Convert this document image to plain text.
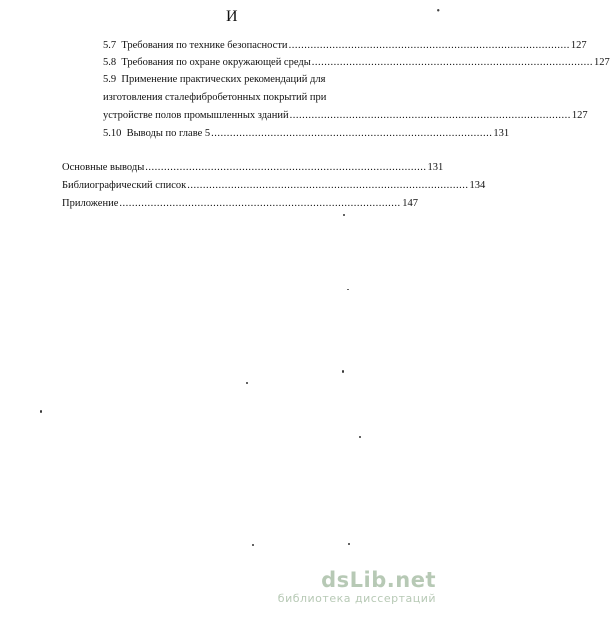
И	•
5.7
Требования по технике безопасности .......................................................................................... 127
5.8
Требования по охране окружающей среды .......................................................................................... 127
5.9 Применение практических рекомендаций для
изготовления сталефибробетонных покрытий при
устройстве полов промышленных зданий .......................................................................................... 127
5.10
Выводы по главе 5 .......................................................................................... 131
Основные выводы .......................................................................................... 131
Библиографический список .......................................................................................... 134
Приложение .......................................................................................... 147
dsLib.net
библиотека диссертаций
